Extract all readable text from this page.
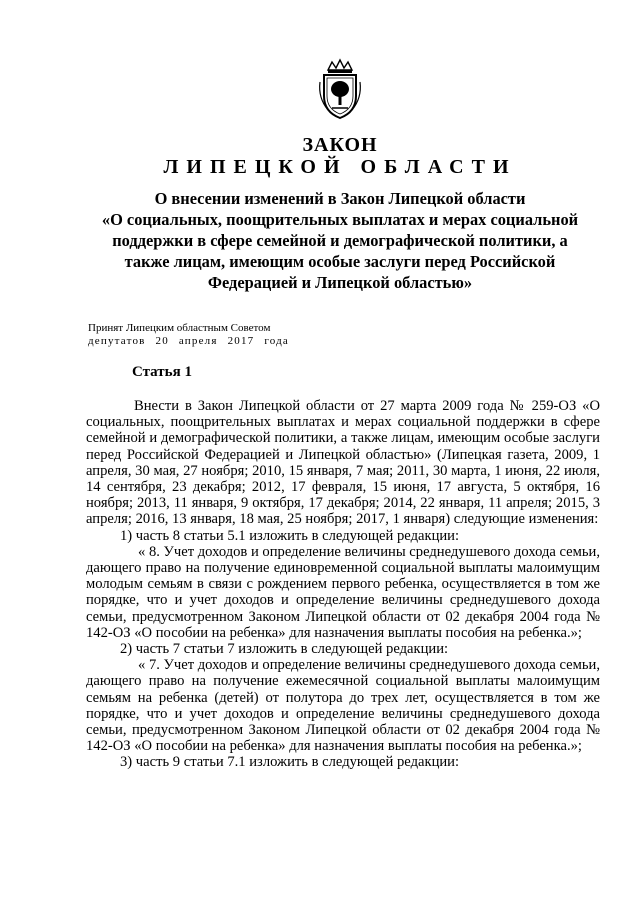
ЗАКОН
ЛИПЕЦКОЙ ОБЛАСТИ
О внесении изменений в Закон Липецкой области
«О социальных, поощрительных выплатах и мерах социальной
поддержки в сфере семейной и демографической политики, а
также лицам, имеющим особые заслуги перед Российской
Федерацией и Липецкой областью»
Принят Липецким областным Советом
депутатов 20 апреля 2017 года
Статья 1

Внести в Закон Липецкой области от 27 марта 2009 года № 259-ОЗ «О социальных, поощрительных выплатах и мерах социальной поддержки в сфере семейной и демографической политики, а также лицам, имеющим особые заслуги перед Российской Федерацией и Липецкой областью» (Липецкая газета, 2009, 1 апреля, 30 мая, 27 ноября; 2010, 15 января, 7 мая; 2011, 30 марта, 1 июня, 22 июля, 14 сентября, 23 декабря; 2012, 17 февраля, 15 июня, 17 августа, 5 октября, 16 ноября; 2013, 11 января, 9 октября, 17 декабря; 2014, 22 января, 11 апреля; 2015, 3 апреля; 2016, 13 января, 18 мая, 25 ноября; 2017, 1 января) следующие изменения:

1) часть 8 статьи 5.1 изложить в следующей редакции:

« 8. Учет доходов и определение величины среднедушевого дохода семьи, дающего право на получение единовременной социальной выплаты малоимущим молодым семьям в связи с рождением первого ребенка, осуществляется в том же порядке, что и учет доходов и определение величины среднедушевого дохода семьи, предусмотренном Законом Липецкой области от 02 декабря 2004 года № 142-ОЗ «О пособии на ребенка» для назначения выплаты пособия на ребенка.»;

2) часть 7 статьи 7 изложить в следующей редакции:

« 7. Учет доходов и определение величины среднедушевого дохода семьи, дающего право на получение ежемесячной социальной выплаты малоимущим семьям на ребенка (детей) от полутора до трех лет, осуществляется в том же порядке, что и учет доходов и определение величины среднедушевого дохода семьи, предусмотренном Законом Липецкой области от 02 декабря 2004 года № 142-ОЗ «О пособии на ребенка» для назначения выплаты пособия на ребенка.»;

3) часть 9 статьи 7.1 изложить в следующей редакции:
